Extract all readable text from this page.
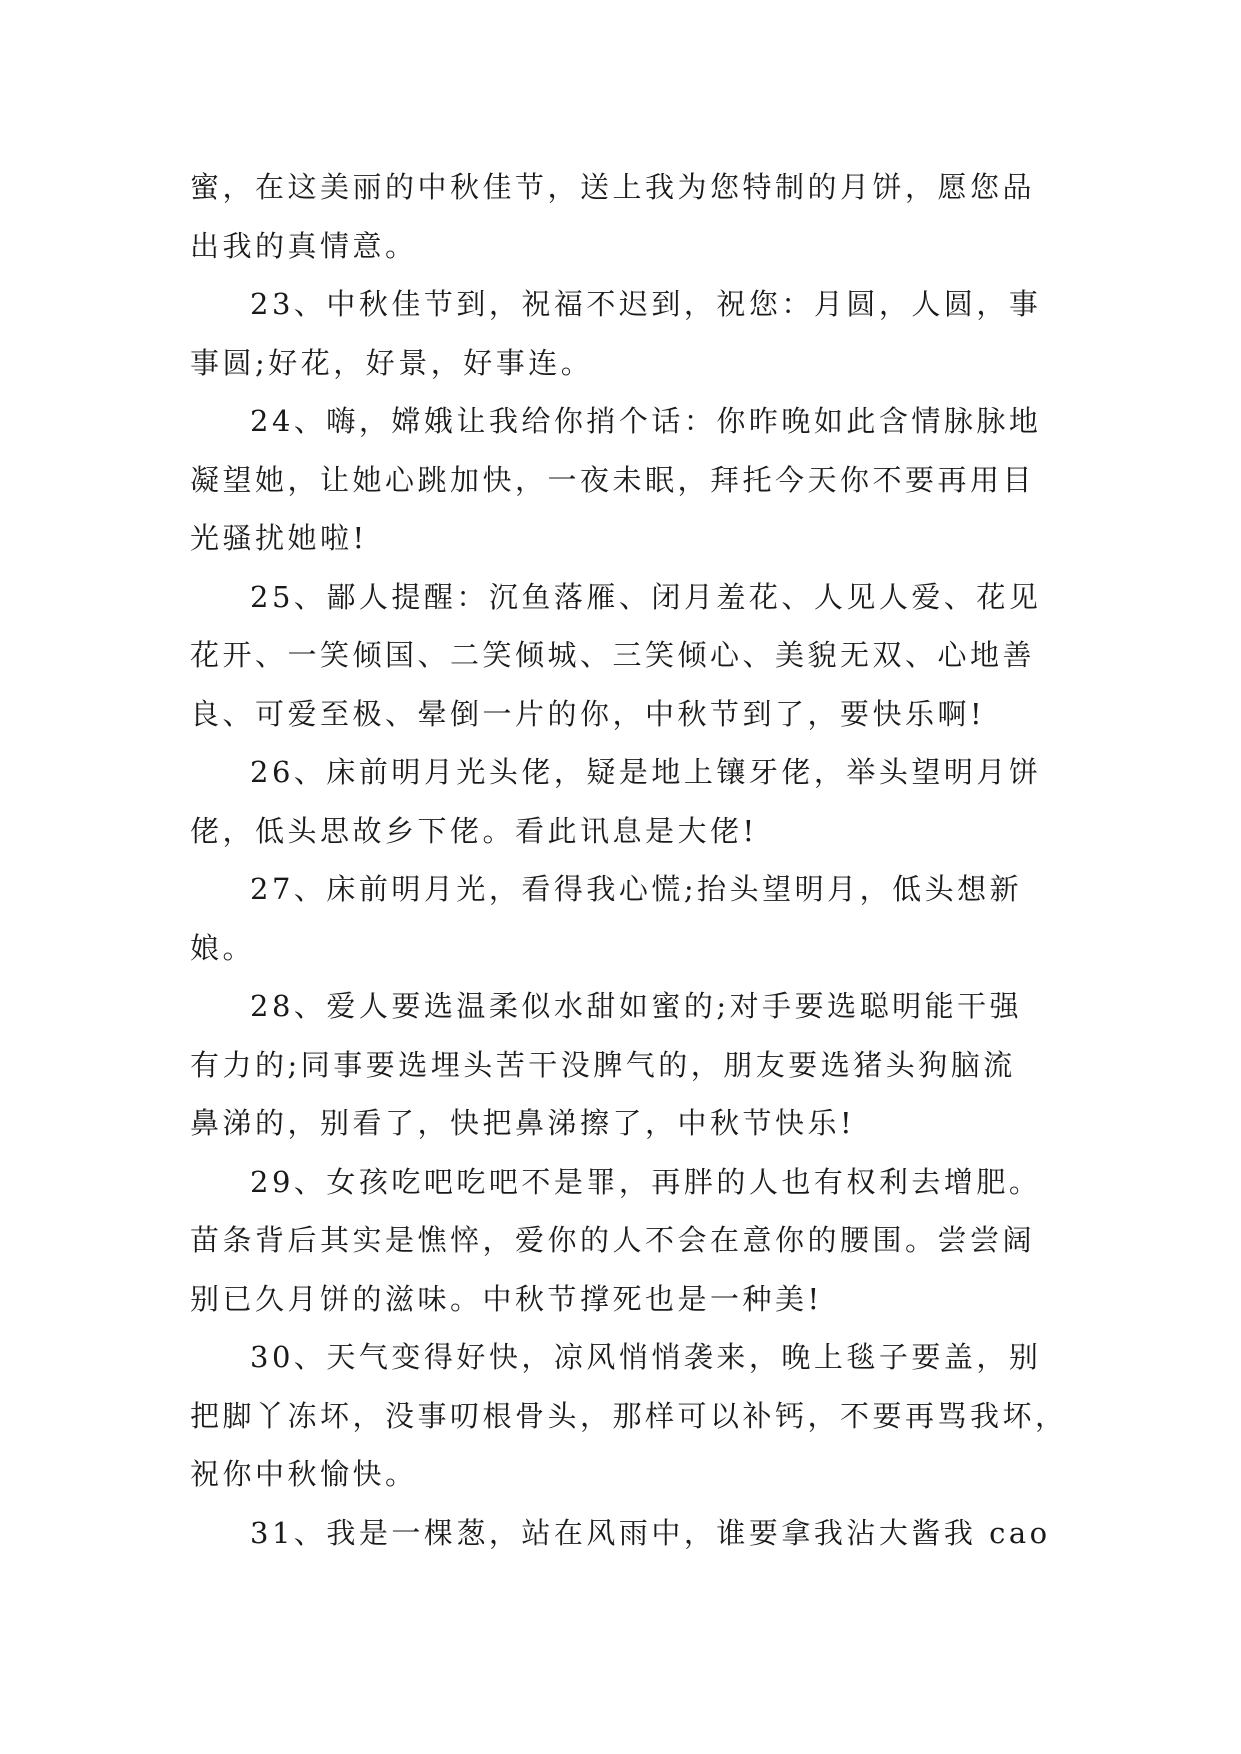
蜜，在这美丽的中秋佳节，送上我为您特制的月饼，愿您品
出我的真情意。
23、中秋佳节到，祝福不迟到，祝您：月圆，人圆，事
事圆;好花，好景，好事连。
24、嗨，嫦娥让我给你捎个话：你昨晚如此含情脉脉地
凝望她，让她心跳加快，一夜未眠，拜托今天你不要再用目
光骚扰她啦!
25、鄙人提醒：沉鱼落雁、闭月羞花、人见人爱、花见
花开、一笑倾国、二笑倾城、三笑倾心、美貌无双、心地善
良、可爱至极、晕倒一片的你，中秋节到了，要快乐啊!
26、床前明月光头佬，疑是地上镶牙佬，举头望明月饼
佬，低头思故乡下佬。看此讯息是大佬!
27、床前明月光，看得我心慌;抬头望明月，低头想新
娘。
28、爱人要选温柔似水甜如蜜的;对手要选聪明能干强
有力的;同事要选埋头苦干没脾气的，朋友要选猪头狗脑流
鼻涕的，别看了，快把鼻涕擦了，中秋节快乐!
29、女孩吃吧吃吧不是罪，再胖的人也有权利去增肥。
苗条背后其实是憔悴，爱你的人不会在意你的腰围。尝尝阔
别已久月饼的滋味。中秋节撑死也是一种美!
30、天气变得好快，凉风悄悄袭来，晚上毯子要盖，别
把脚丫冻坏，没事叨根骨头，那样可以补钙，不要再骂我坏，
祝你中秋愉快。
31、我是一棵葱，站在风雨中，谁要拿我沾大酱我 cao
